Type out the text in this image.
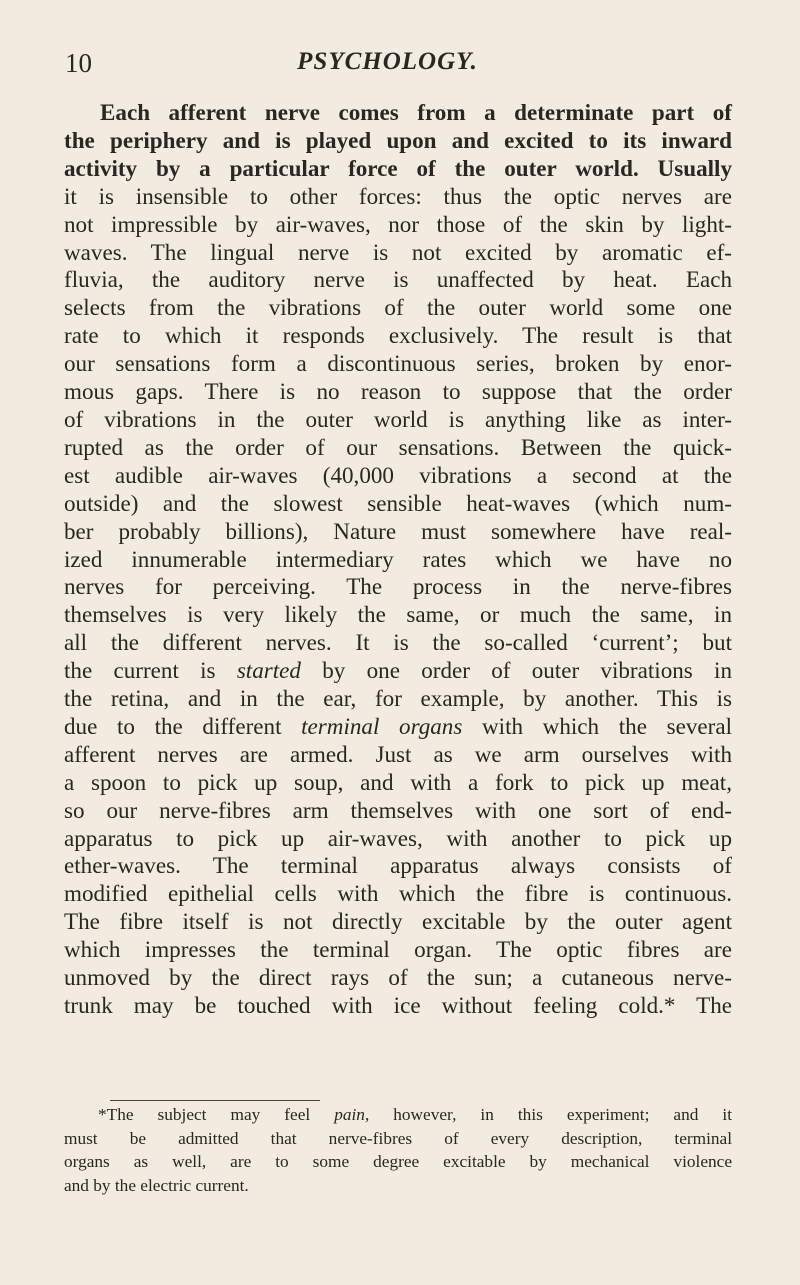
10	PSYCHOLOGY.
Each afferent nerve comes from a determinate part of
the periphery and is played upon and excited to its inward
activity by a particular force of the outer world. Usually
it is insensible to other forces: thus the optic nerves are
not impressible by air-waves, nor those of the skin by light-
waves. The lingual nerve is not excited by aromatic ef-
fluvia, the auditory nerve is unaffected by heat. Each
selects from the vibrations of the outer world some one
rate to which it responds exclusively. The result is that
our sensations form a discontinuous series, broken by enor-
mous gaps. There is no reason to suppose that the order
of vibrations in the outer world is anything like as inter-
rupted as the order of our sensations. Between the quick-
est audible air-waves (40,000 vibrations a second at the
outside) and the slowest sensible heat-waves (which num-
ber probably billions), Nature must somewhere have real-
ized innumerable intermediary rates which we have no
nerves for perceiving. The process in the nerve-fibres
themselves is very likely the same, or much the same, in
all the different nerves. It is the so-called ‘current’; but
the current is started by one order of outer vibrations in
the retina, and in the ear, for example, by another. This is
due to the different terminal organs with which the several
afferent nerves are armed. Just as we arm ourselves with
a spoon to pick up soup, and with a fork to pick up meat,
so our nerve-fibres arm themselves with one sort of end-
apparatus to pick up air-waves, with another to pick up
ether-waves. The terminal apparatus always consists of
modified epithelial cells with which the fibre is continuous.
The fibre itself is not directly excitable by the outer agent
which impresses the terminal organ. The optic fibres are
unmoved by the direct rays of the sun; a cutaneous nerve-
trunk may be touched with ice without feeling cold.* The
*The subject may feel pain, however, in this experiment; and it
must be admitted that nerve-fibres of every description, terminal
organs as well, are to some degree excitable by mechanical violence
and by the electric current.
